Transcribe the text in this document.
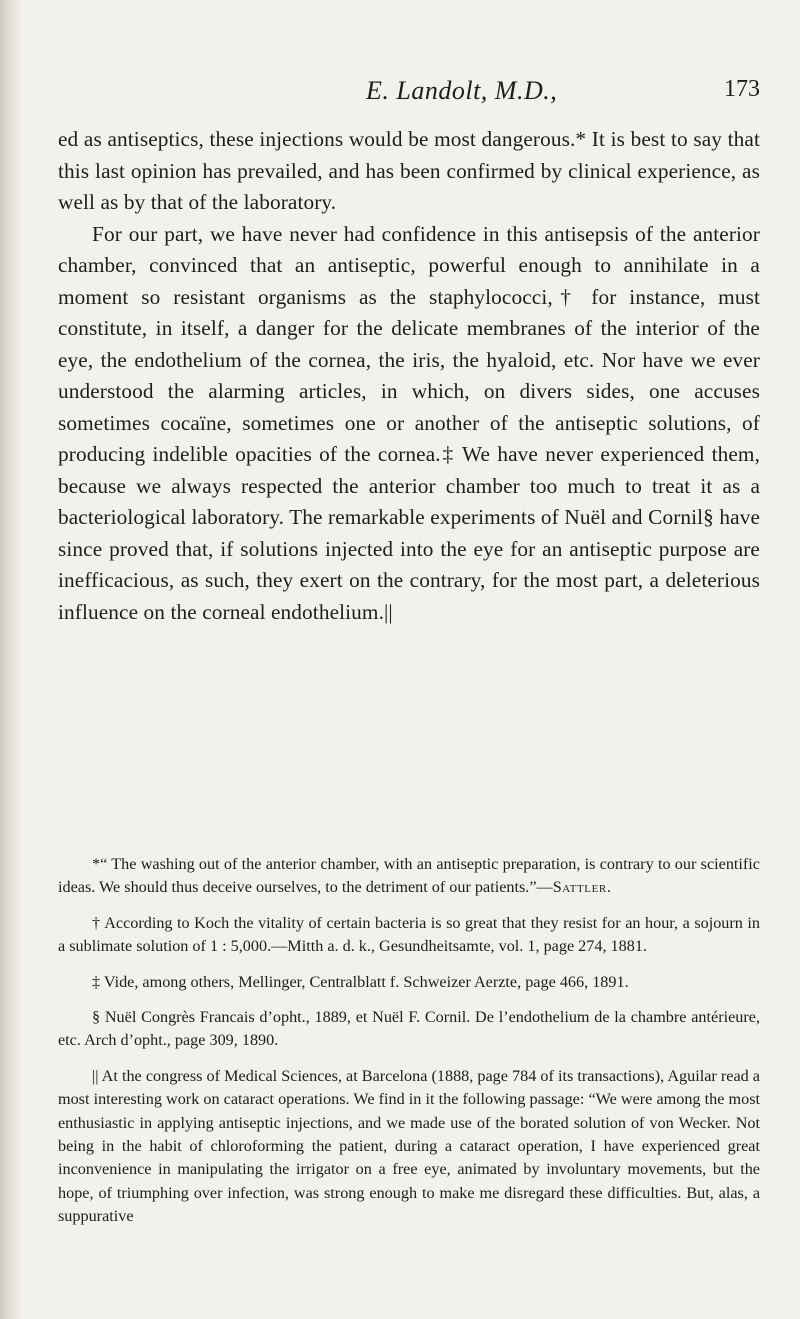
E. Landolt, M.D.,	173

ed as antiseptics, these injections would be most dangerous.* It is best to say that this last opinion has prevailed, and has been confirmed by clinical experience, as well as by that of the laboratory.

For our part, we have never had confidence in this antisepsis of the anterior chamber, convinced that an antiseptic, powerful enough to annihilate in a moment so resistant organisms as the staphylococci,† for instance, must constitute, in itself, a danger for the delicate membranes of the interior of the eye, the endothelium of the cornea, the iris, the hyaloid, etc. Nor have we ever understood the alarming articles, in which, on divers sides, one accuses sometimes cocaïne, sometimes one or another of the antiseptic solutions, of producing indelible opacities of the cornea.‡ We have never experienced them, because we always respected the anterior chamber too much to treat it as a bacteriological laboratory. The remarkable experiments of Nuël and Cornil§ have since proved that, if solutions injected into the eye for an antiseptic purpose are inefficacious, as such, they exert on the contrary, for the most part, a deleterious influence on the corneal endothelium.||

*“ The washing out of the anterior chamber, with an antiseptic preparation, is contrary to our scientific ideas. We should thus deceive ourselves, to the detriment of our patients.”—Sattler.

† According to Koch the vitality of certain bacteria is so great that they resist for an hour, a sojourn in a sublimate solution of 1 : 5,000.—Mitth a. d. k., Gesundheitsamte, vol. 1, page 274, 1881.

‡ Vide, among others, Mellinger, Centralblatt f. Schweizer Aerzte, page 466, 1891.

§ Nuël Congrès Francais d’opht., 1889, et Nuël F. Cornil. De l’endothelium de la chambre antérieure, etc. Arch d’opht., page 309, 1890.

|| At the congress of Medical Sciences, at Barcelona (1888, page 784 of its transactions), Aguilar read a most interesting work on cataract operations. We find in it the following passage: “We were among the most enthusiastic in applying antiseptic injections, and we made use of the borated solution of von Wecker. Not being in the habit of chloroforming the patient, during a cataract operation, I have experienced great inconvenience in manipulating the irrigator on a free eye, animated by involuntary movements, but the hope, of triumphing over infection, was strong enough to make me disregard these difficulties. But, alas, a suppurative
